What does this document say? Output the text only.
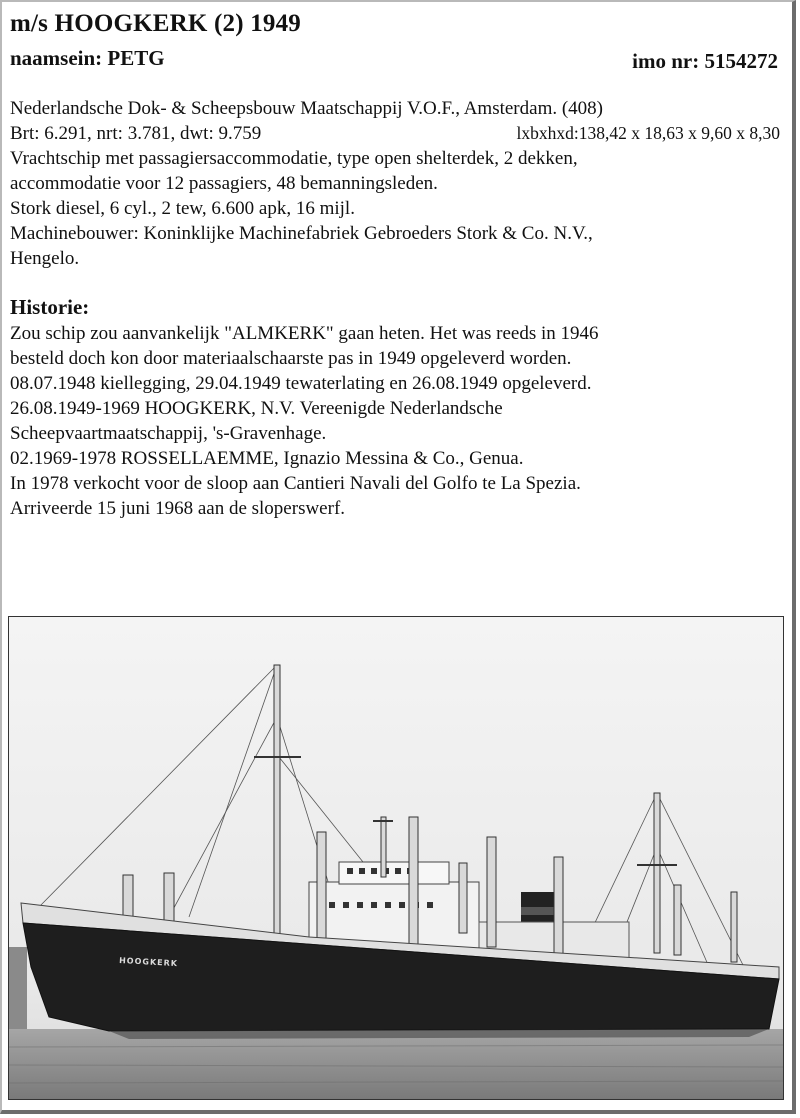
m/s HOOGKERK (2) 1949
naamsein: PETG	imo nr: 5154272
Nederlandsche Dok- & Scheepsbouw Maatschappij V.O.F., Amsterdam. (408)
Brt: 6.291, nrt: 3.781, dwt: 9.759	lxbxhxd:138,42 x 18,63 x 9,60 x 8,30
Vrachtschip met passagiersaccommodatie, type open shelterdek, 2 dekken,
accommodatie voor 12 passagiers, 48 bemanningsleden.
Stork diesel, 6 cyl., 2 tew, 6.600 apk, 16 mijl.
Machinebouwer: Koninklijke Machinefabriek Gebroeders Stork & Co. N.V.,
Hengelo.
Historie:
Zou schip zou aanvankelijk "ALMKERK" gaan heten. Het was reeds in 1946
besteld doch kon door materiaalschaarste pas in 1949 opgeleverd worden.
08.07.1948 kiellegging, 29.04.1949 tewaterlating en 26.08.1949 opgeleverd.
26.08.1949-1969 HOOGKERK, N.V. Vereenigde Nederlandsche
Scheepvaartmaatschappij, 's-Gravenhage.
02.1969-1978 ROSSELLAEMME, Ignazio Messina & Co., Genua.
In 1978 verkocht voor de sloop aan Cantieri Navali del Golfo te La Spezia.
Arriveerde 15 juni 1968 aan de sloperswerf.
HOOGKERK
